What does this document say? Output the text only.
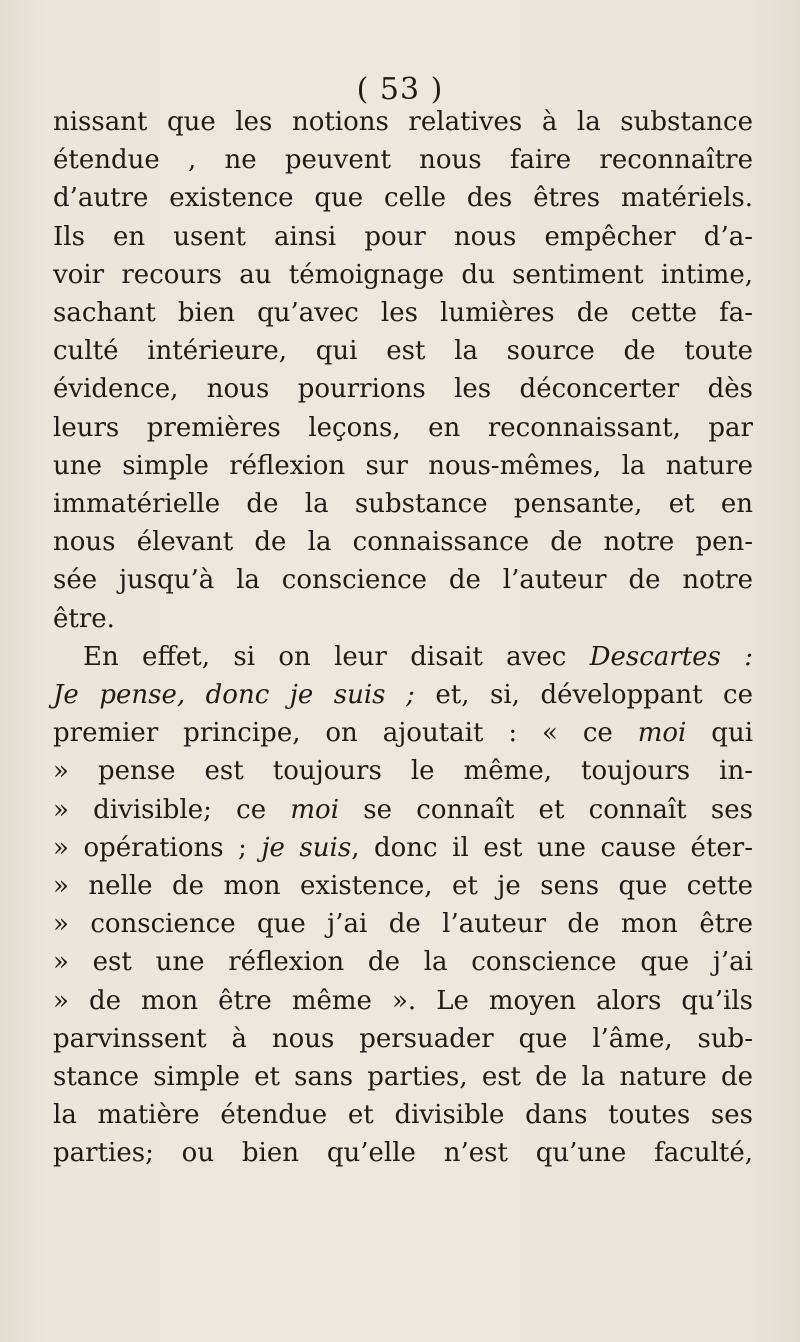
( 53 )
nissant que les notions relatives à la substance
étendue , ne peuvent nous faire reconnaître
d’autre existence que celle des êtres matériels.
Ils en usent ainsi pour nous empêcher d’a-
voir recours au témoignage du sentiment intime,
sachant bien qu’avec les lumières de cette fa-
culté intérieure, qui est la source de toute
évidence, nous pourrions les déconcerter dès
leurs premières leçons, en reconnaissant, par
une simple réflexion sur nous-mêmes, la nature
immatérielle de la substance pensante, et en
nous élevant de la connaissance de notre pen-
sée jusqu’à la conscience de l’auteur de notre
être.
En effet, si on leur disait avec Descartes :
Je pense, donc je suis ; et, si, développant ce
premier principe, on ajoutait : « ce moi qui
» pense est toujours le même, toujours in-
» divisible; ce moi se connaît et connaît ses
» opérations ; je suis, donc il est une cause éter-
» nelle de mon existence, et je sens que cette
» conscience que j’ai de l’auteur de mon être
» est une réflexion de la conscience que j’ai
» de mon être même ». Le moyen alors qu’ils
parvinssent à nous persuader que l’âme, sub-
stance simple et sans parties, est de la nature de
la matière étendue et divisible dans toutes ses
parties; ou bien qu’elle n’est qu’une faculté,
